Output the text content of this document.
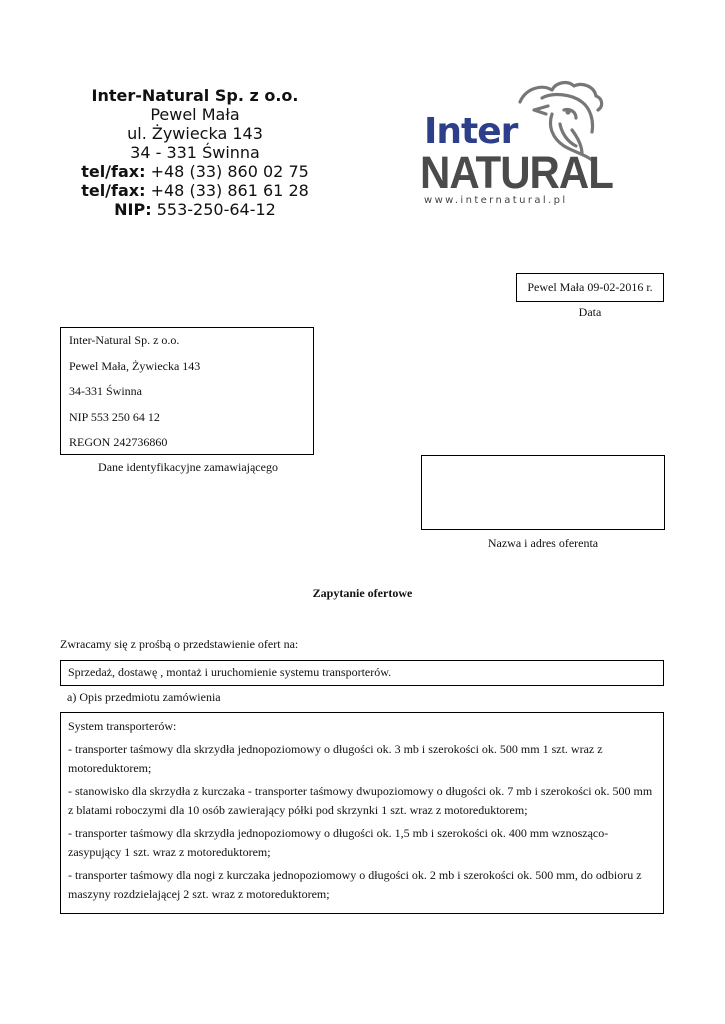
Inter-Natural Sp. z o.o.
Pewel Mała
ul. Żywiecka 143
34 - 331 Świnna
tel/fax: +48 (33) 860 02 75
tel/fax: +48 (33) 861 61 28
NIP: 553-250-64-12
Inter
NATURAL
www.internatural.pl
Pewel Mała 09-02-2016 r.
Data
Inter-Natural Sp. z o.o.
Pewel Mała, Żywiecka 143
34-331 Świnna
NIP 553 250 64 12
REGON 242736860
Dane identyfikacyjne zamawiającego
Nazwa i adres oferenta
Zapytanie ofertowe
Zwracamy się z prośbą o przedstawienie ofert na:
Sprzedaż, dostawę , montaż i uruchomienie systemu transporterów.
a) Opis przedmiotu zamówienia
System transporterów:
- transporter taśmowy dla skrzydła jednopoziomowy o długości ok. 3 mb i szerokości ok. 500 mm 1 szt. wraz z motoreduktorem;
- stanowisko dla skrzydła z kurczaka - transporter taśmowy dwupoziomowy o długości ok. 7 mb i szerokości ok. 500 mm z blatami roboczymi dla 10 osób zawierający półki pod skrzynki 1 szt. wraz z motoreduktorem;
- transporter taśmowy dla skrzydła jednopoziomowy o długości ok. 1,5 mb i szerokości ok. 400 mm wznosząco-zasypujący 1 szt. wraz z motoreduktorem;
- transporter taśmowy dla nogi z kurczaka jednopoziomowy o długości ok. 2 mb i szerokości ok. 500 mm, do odbioru z maszyny rozdzielającej 2 szt. wraz z motoreduktorem;
